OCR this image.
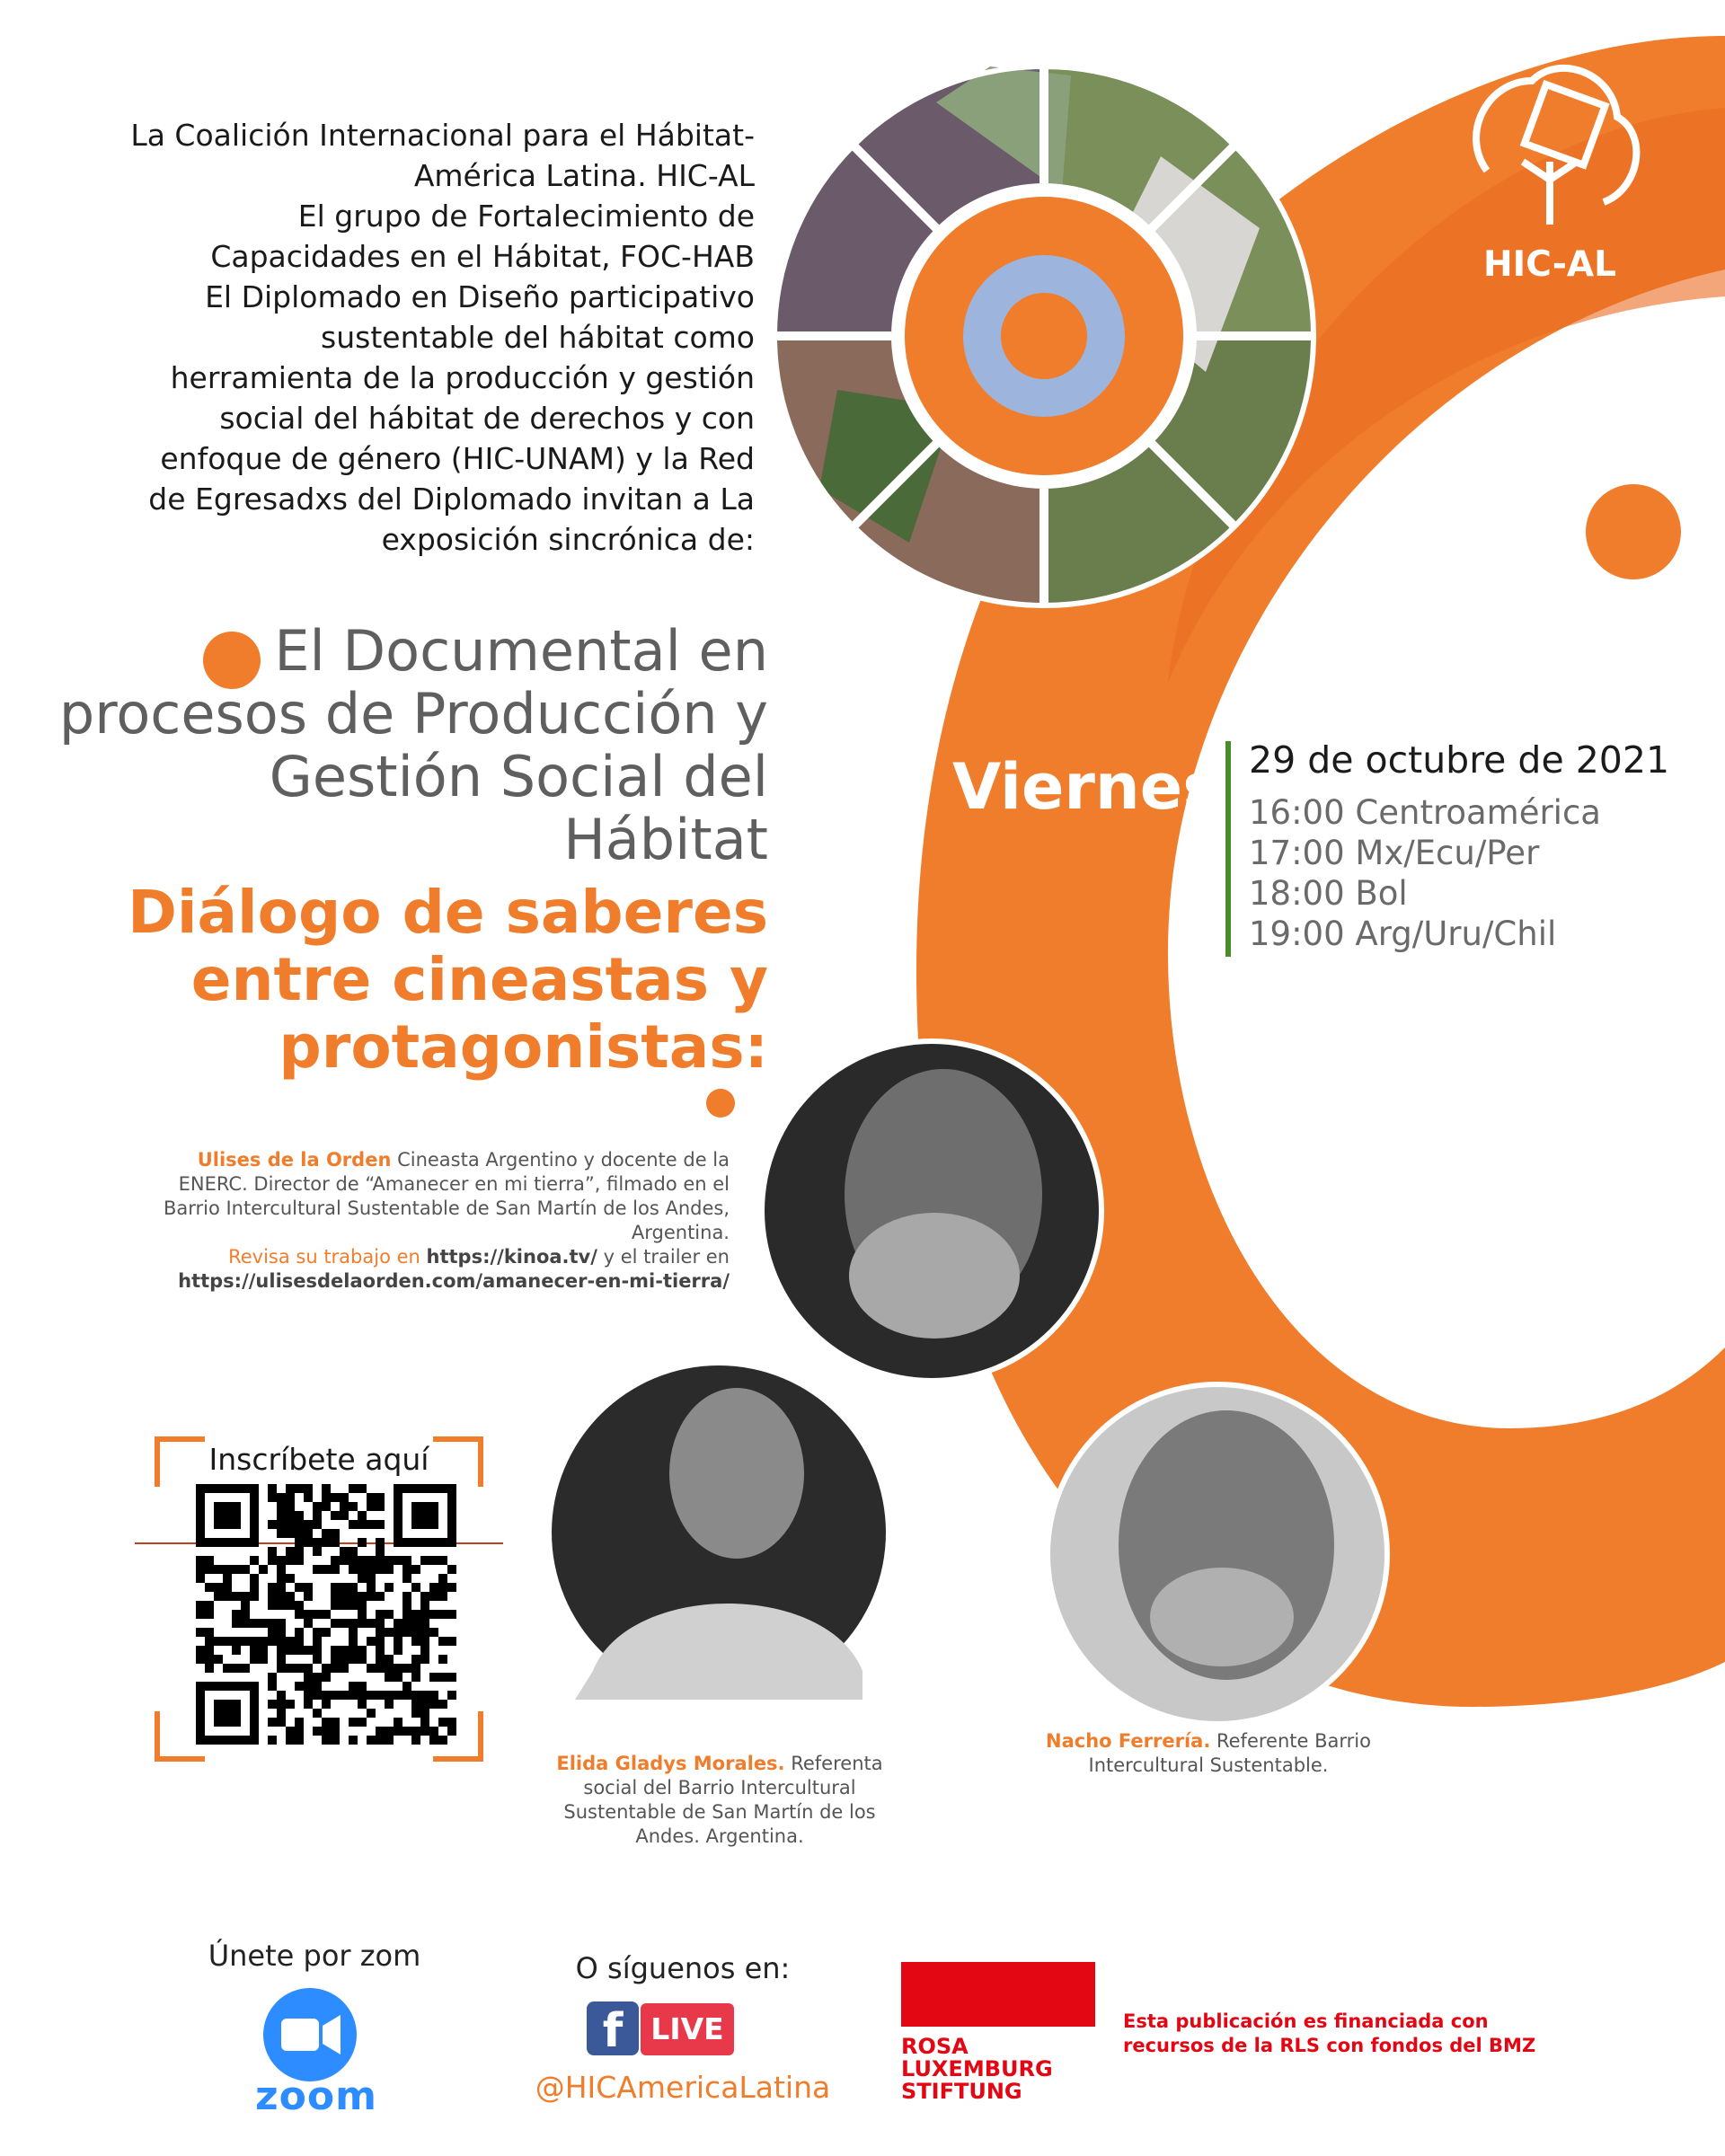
La Coalición Internacional para el Hábitat-
América Latina. HIC-AL
El grupo de Fortalecimiento de
Capacidades en el Hábitat, FOC-HAB
El Diplomado en Diseño participativo
sustentable del hábitat como
herramienta de la producción y gestión
social del hábitat de derechos y con
enfoque de género (HIC-UNAM) y la Red
de Egresadxs del Diplomado invitan a La
exposición sincrónica de:
El Documental en
procesos de Producción y
Gestión Social del
Hábitat
Diálogo de saberes
entre cineastas y
protagonistas:
HIC-AL
Viernes 29 de octubre de 2021
16:00 Centroamérica
17:00 Mx/Ecu/Per
18:00 Bol
19:00 Arg/Uru/Chil
Ulises de la Orden Cineasta Argentino y docente de la ENERC. Director de “Amanecer en mi tierra”, filmado en el Barrio Intercultural Sustentable de San Martín de los Andes, Argentina.
Revisa su trabajo en https://kinoa.tv/ y el trailer en
https://ulisesdelaorden.com/amanecer-en-mi-tierra/
Elida Gladys Morales. Referenta social del Barrio Intercultural Sustentable de San Martín de los Andes. Argentina.
Nacho Ferrería. Referente Barrio Intercultural Sustentable.
Inscríbete aquí
Únete por zom
zoom
O síguenos en:
f LIVE
@HICAmericaLatina
ROSA
LUXEMBURG
STIFTUNG
Esta publicación es financiada con
recursos de la RLS con fondos del BMZ
